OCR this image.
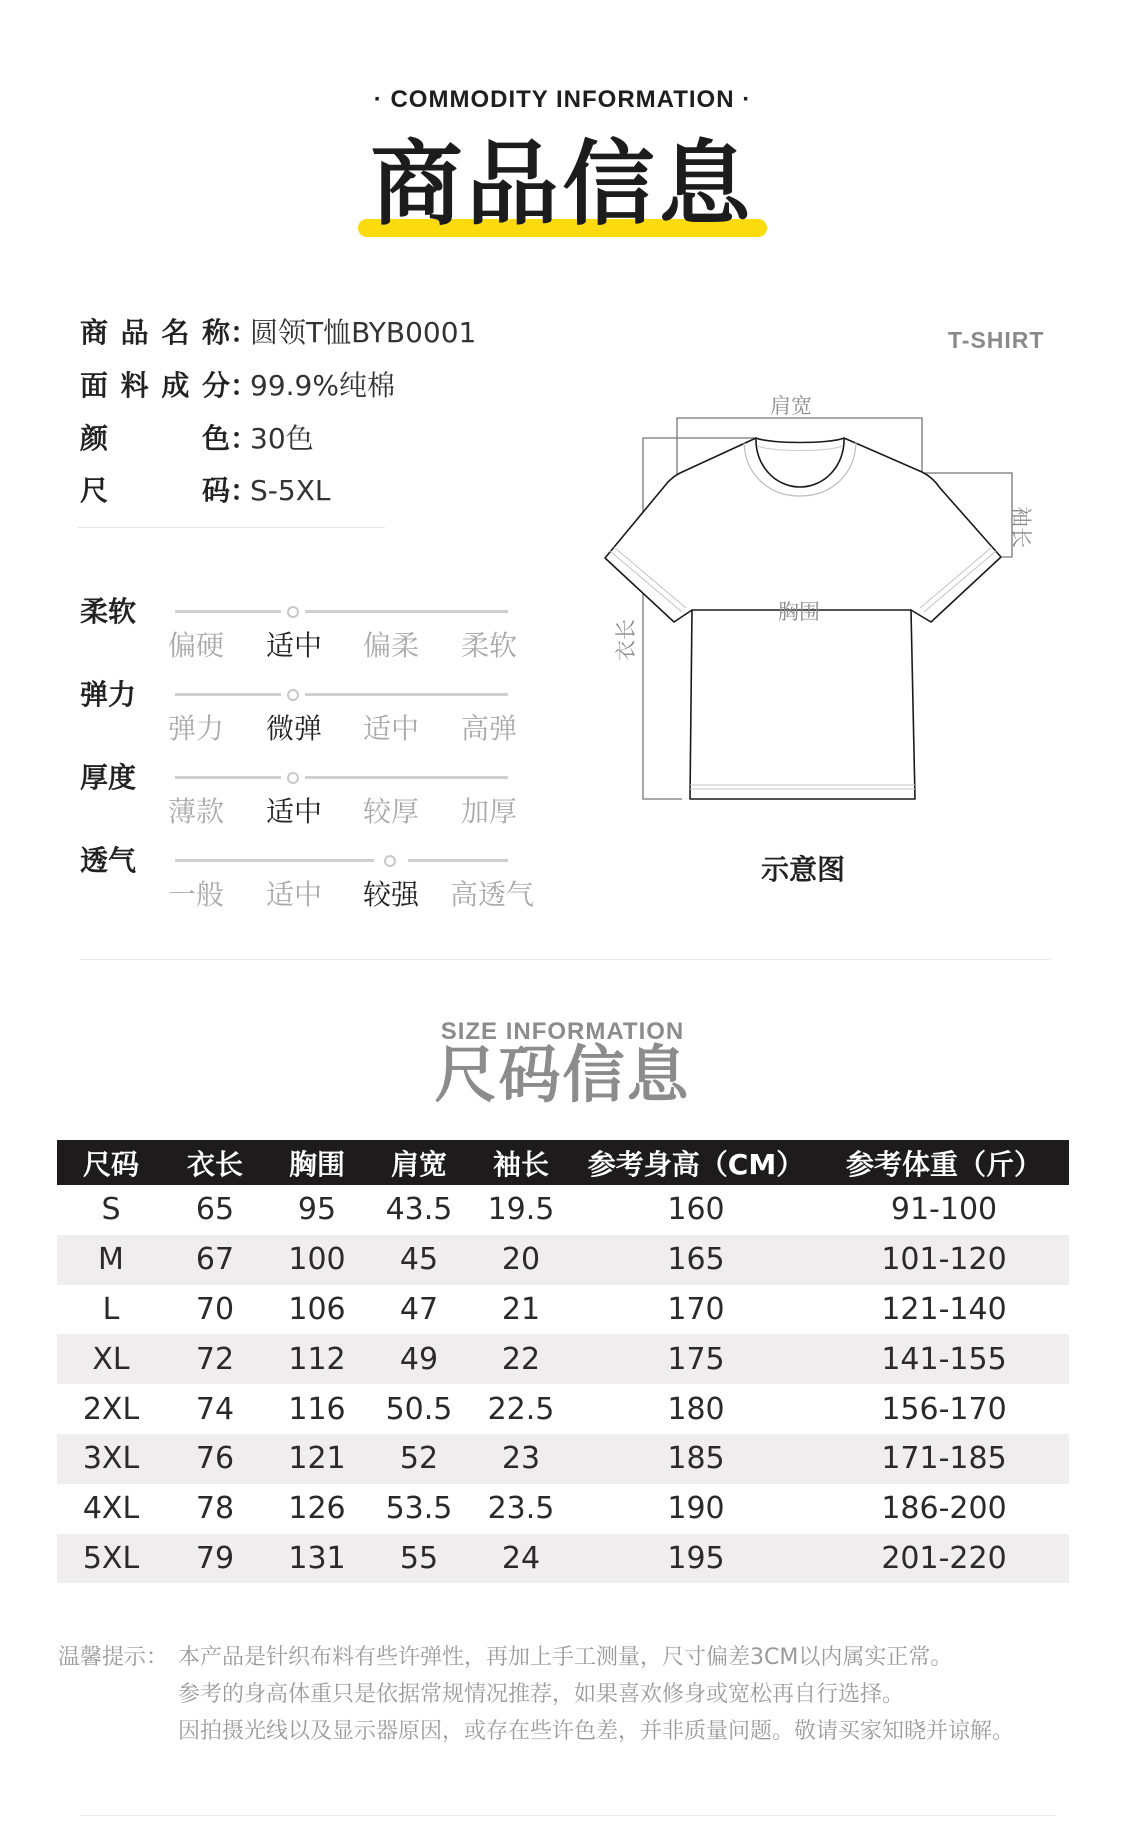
· COMMODITY INFORMATION ·
商品信息
商品名称：圆领T恤BYB0001
面料成分：99.9%纯棉
颜色：30色
尺码：S-5XL
柔软
偏硬	适中	偏柔	柔软
弹力
弹力	微弹	适中	高弹
厚度
薄款	适中	较厚	加厚
透气
一般	适中	较强	高透气
T-SHIRT
肩宽
胸围
袖长
衣长
示意图
SIZE INFORMATION
尺码信息
尺码	衣长	胸围	肩宽	袖长	参考身高（CM）	参考体重（斤）
S	65	95	43.5	19.5	160	91-100
M	67	100	45	20	165	101-120
L	70	106	47	21	170	121-140
XL	72	112	49	22	175	141-155
2XL	74	116	50.5	22.5	180	156-170
3XL	76	121	52	23	185	171-185
4XL	78	126	53.5	23.5	190	186-200
5XL	79	131	55	24	195	201-220
温馨提示： 本产品是针织布料有些许弹性，再加上手工测量，尺寸偏差3CM以内属实正常。
参考的身高体重只是依据常规情况推荐，如果喜欢修身或宽松再自行选择。
因拍摄光线以及显示器原因，或存在些许色差，并非质量问题。敬请买家知晓并谅解。
